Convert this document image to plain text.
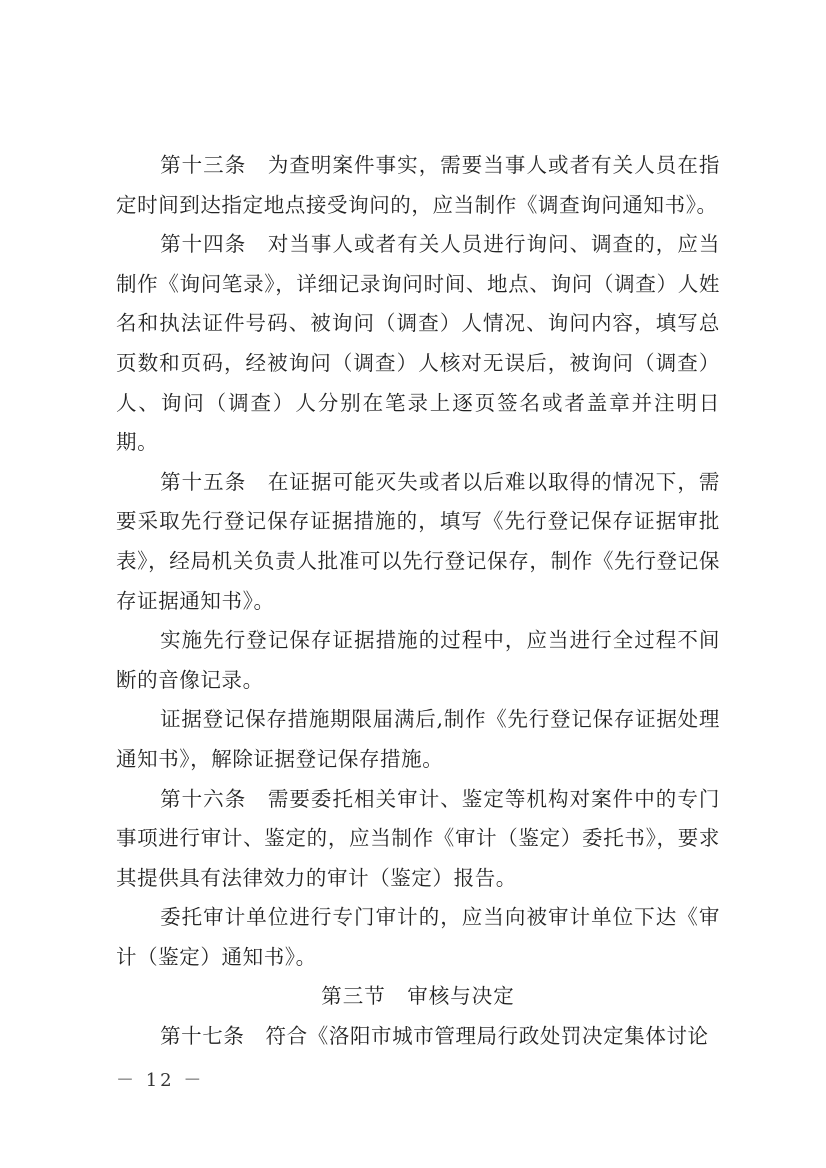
第十三条　为查明案件事实，需要当事人或者有关人员在指定时间到达指定地点接受询问的，应当制作《调查询问通知书》。

第十四条　对当事人或者有关人员进行询问、调查的，应当制作《询问笔录》，详细记录询问时间、地点、询问（调查）人姓名和执法证件号码、被询问（调查）人情况、询问内容，填写总页数和页码，经被询问（调查）人核对无误后，被询问（调查）人、询问（调查）人分别在笔录上逐页签名或者盖章并注明日期。

第十五条　在证据可能灭失或者以后难以取得的情况下，需要采取先行登记保存证据措施的，填写《先行登记保存证据审批表》，经局机关负责人批准可以先行登记保存，制作《先行登记保存证据通知书》。

实施先行登记保存证据措施的过程中，应当进行全过程不间断的音像记录。

证据登记保存措施期限届满后,制作《先行登记保存证据处理通知书》，解除证据登记保存措施。

第十六条　需要委托相关审计、鉴定等机构对案件中的专门事项进行审计、鉴定的，应当制作《审计（鉴定）委托书》，要求其提供具有法律效力的审计（鉴定）报告。

委托审计单位进行专门审计的，应当向被审计单位下达《审计（鉴定）通知书》。

第三节　审核与决定

第十七条　符合《洛阳市城市管理局行政处罚决定集体讨论

－ 12 －
